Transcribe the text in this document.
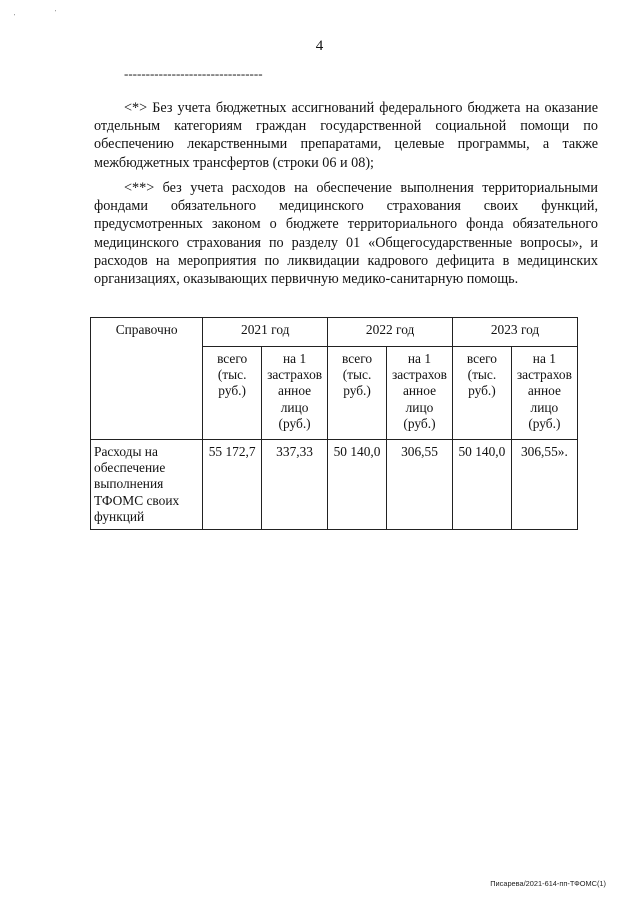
'
'
4
--------------------------------

<*> Без учета бюджетных ассигнований федерального бюджета на оказание отдельным категориям граждан государственной социальной помощи по обеспечению лекарственными препаратами, целевые программы, а также межбюджетных трансфертов (строки 06 и 08);

<**> без учета расходов на обеспечение выполнения территориальными фондами обязательного медицинского страхования своих функций, предусмотренных законом о бюджете территориального фонда обязательного медицинского страхования по разделу 01 «Общегосударственные вопросы», и расходов на мероприятия по ликвидации кадрового дефицита в медицинских организациях, оказывающих первичную медико-санитарную помощь.

Справочно	2021 год		2022 год		2023 год	

	всего
(тыс.
руб.)	на 1
застрахов
анное
лицо
(руб.)	всего
(тыс.
руб.)	на 1
застрахов
анное
лицо
(руб.)	всего
(тыс.
руб.)	на 1
застрахов
анное
лицо
(руб.)

Расходы на обеспечение выполнения ТФОМС своих функций	55 172,7	337,33	50 140,0	306,55	50 140,0	306,55».
Писарева/2021-614-пп-ТФОМС(1)
